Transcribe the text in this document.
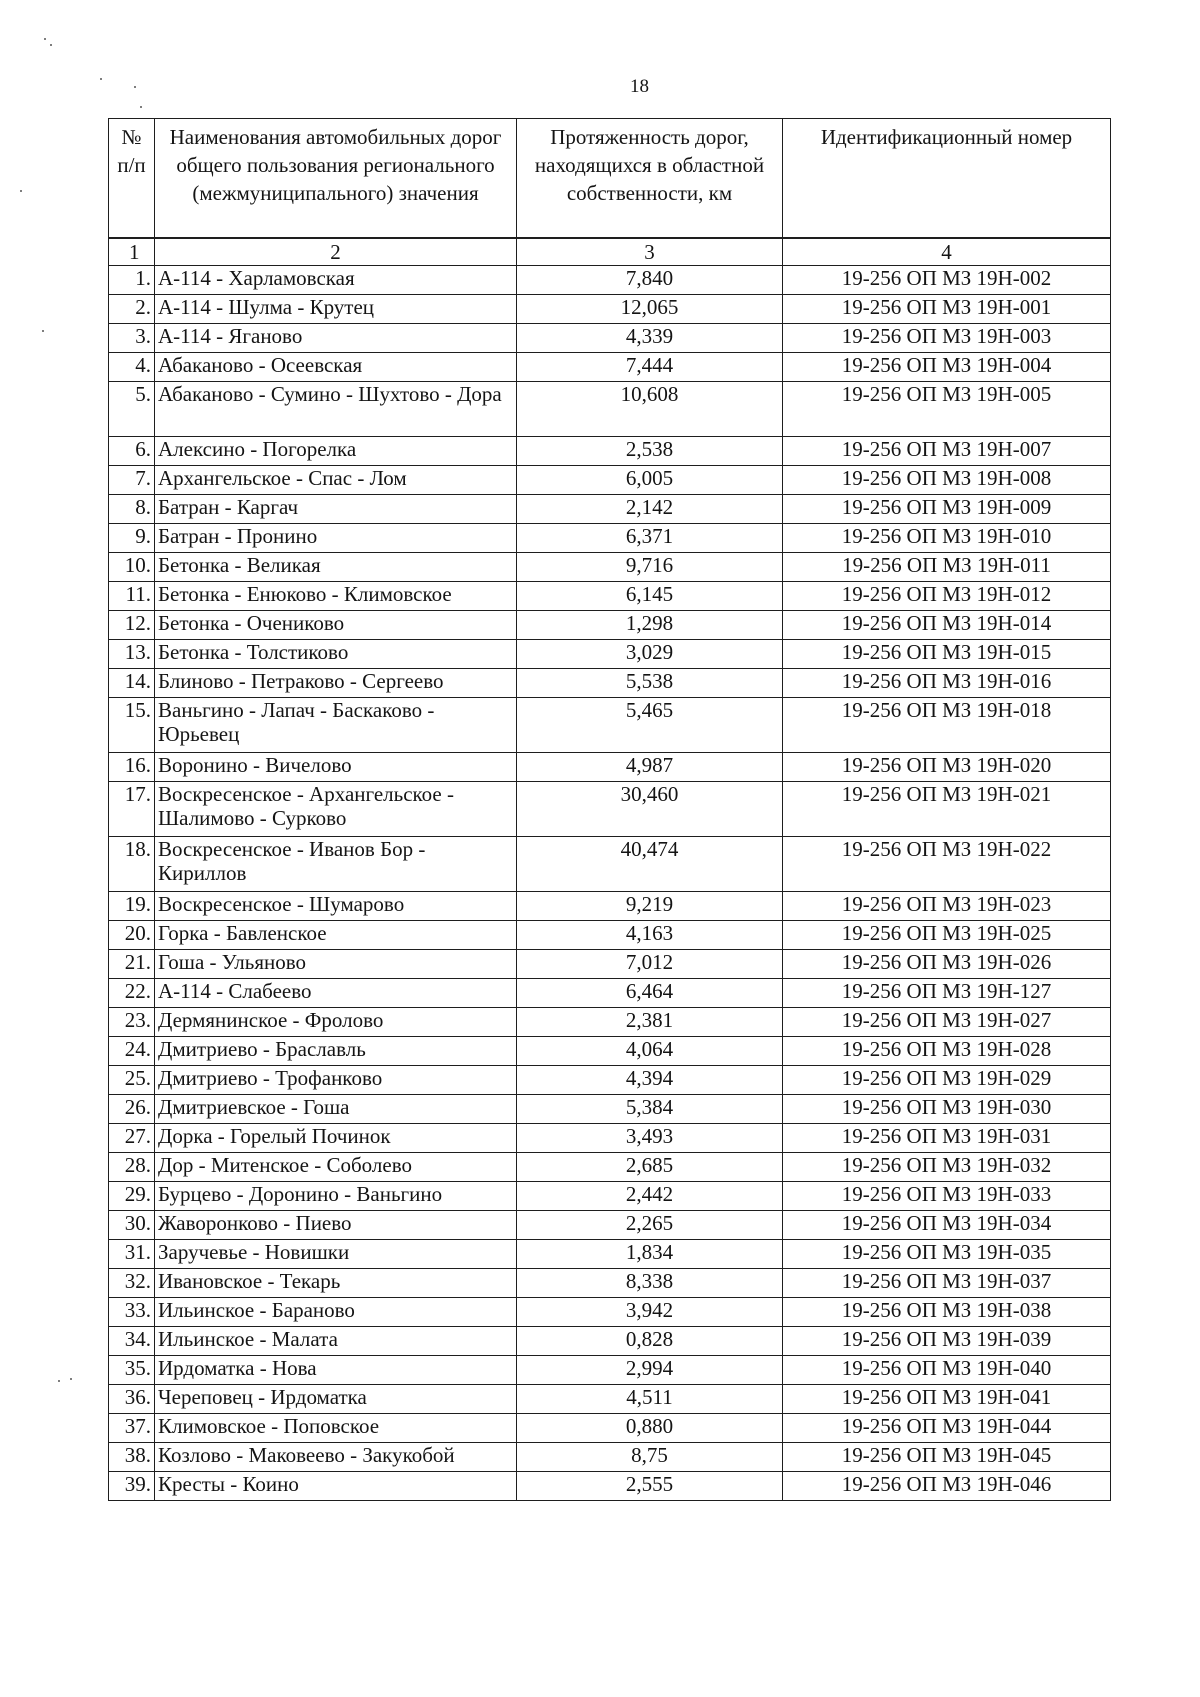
18
№ п/п	Наименования автомобильных дорог общего пользования регионального (межмуниципального) значения	Протяженность дорог, находящихся в областной собственности, км	Идентификационный номер
1	2	3	4
1.	А-114 - Харламовская	7,840	19-256 ОП МЗ 19Н-002
2.	А-114 - Шулма - Крутец	12,065	19-256 ОП МЗ 19Н-001
3.	А-114 - Яганово	4,339	19-256 ОП МЗ 19Н-003
4.	Абаканово - Осеевская	7,444	19-256 ОП МЗ 19Н-004
5.	Абаканово - Сумино - Шухтово - Дора	10,608	19-256 ОП МЗ 19Н-005
6.	Алексино - Погорелка	2,538	19-256 ОП МЗ 19Н-007
7.	Архангельское - Спас - Лом	6,005	19-256 ОП МЗ 19Н-008
8.	Батран - Каргач	2,142	19-256 ОП МЗ 19Н-009
9.	Батран - Пронино	6,371	19-256 ОП МЗ 19Н-010
10.	Бетонка - Великая	9,716	19-256 ОП МЗ 19Н-011
11.	Бетонка - Енюково - Климовское	6,145	19-256 ОП МЗ 19Н-012
12.	Бетонка - Очениково	1,298	19-256 ОП МЗ 19Н-014
13.	Бетонка - Толстиково	3,029	19-256 ОП МЗ 19Н-015
14.	Блиново - Петраково - Сергеево	5,538	19-256 ОП МЗ 19Н-016
15.	Ваньгино - Лапач - Баскаково - Юрьевец	5,465	19-256 ОП МЗ 19Н-018
16.	Воронино - Вичелово	4,987	19-256 ОП МЗ 19Н-020
17.	Воскресенское - Архангельское - Шалимово - Сурково	30,460	19-256 ОП МЗ 19Н-021
18.	Воскресенское - Иванов Бор - Кириллов	40,474	19-256 ОП МЗ 19Н-022
19.	Воскресенское - Шумарово	9,219	19-256 ОП МЗ 19Н-023
20.	Горка - Бавленское	4,163	19-256 ОП МЗ 19Н-025
21.	Гоша - Ульяново	7,012	19-256 ОП МЗ 19Н-026
22.	А-114 - Слабеево	6,464	19-256 ОП МЗ 19Н-127
23.	Дермянинское - Фролово	2,381	19-256 ОП МЗ 19Н-027
24.	Дмитриево - Браславль	4,064	19-256 ОП МЗ 19Н-028
25.	Дмитриево - Трофанково	4,394	19-256 ОП МЗ 19Н-029
26.	Дмитриевское - Гоша	5,384	19-256 ОП МЗ 19Н-030
27.	Дорка - Горелый Починок	3,493	19-256 ОП МЗ 19Н-031
28.	Дор - Митенское - Соболево	2,685	19-256 ОП МЗ 19Н-032
29.	Бурцево - Доронино - Ваньгино	2,442	19-256 ОП МЗ 19Н-033
30.	Жаворонково - Пиево	2,265	19-256 ОП МЗ 19Н-034
31.	Заручевье - Новишки	1,834	19-256 ОП МЗ 19Н-035
32.	Ивановское - Текарь	8,338	19-256 ОП МЗ 19Н-037
33.	Ильинское - Бараново	3,942	19-256 ОП МЗ 19Н-038
34.	Ильинское - Малата	0,828	19-256 ОП МЗ 19Н-039
35.	Ирдоматка - Нова	2,994	19-256 ОП МЗ 19Н-040
36.	Череповец - Ирдоматка	4,511	19-256 ОП МЗ 19Н-041
37.	Климовское - Поповское	0,880	19-256 ОП МЗ 19Н-044
38.	Козлово - Маковеево - Закукобой	8,75	19-256 ОП МЗ 19Н-045
39.	Кресты - Коино	2,555	19-256 ОП МЗ 19Н-046
